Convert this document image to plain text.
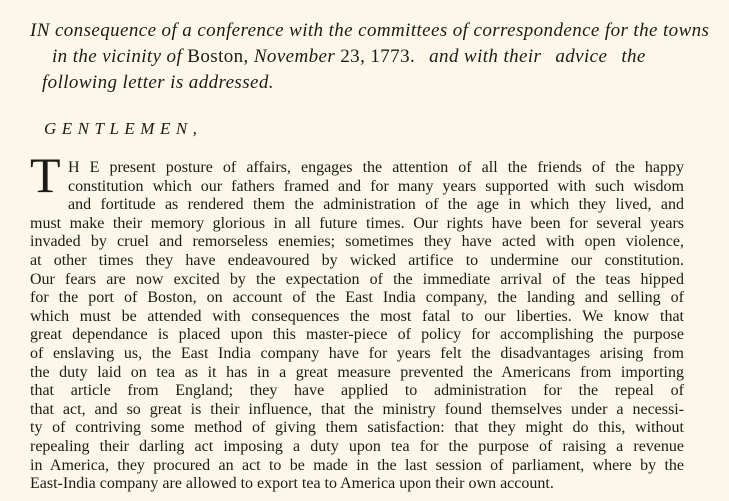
IN consequence of a conference with the committees of correspondence for the towns
in the vicinity of Boston, November 23, 1773. and with their advice the
following letter is addressed.
GENTLEMEN,
T H E present posture of affairs, engages the attention of all the friends of the happy
constitution which our fathers framed and for many years supported with such wisdom
and fortitude as rendered them the administration of the age in which they lived, and
must make their memory glorious in all future times. Our rights have been for several years
invaded by cruel and remorseless enemies; sometimes they have acted with open violence,
at other times they have endeavoured by wicked artifice to undermine our constitution.
Our fears are now excited by the expectation of the immediate arrival of the teas hipped
for the port of Boston, on account of the East India company, the landing and selling of
which must be attended with consequences the most fatal to our liberties. We know that
great dependance is placed upon this master-piece of policy for accomplishing the purpose
of enslaving us, the East India company have for years felt the disadvantages arising from
the duty laid on tea as it has in a great measure prevented the Americans from importing
that article from England; they have applied to administration for the repeal of
that act, and so great is their influence, that the ministry found themselves under a necessi-
ty of contriving some method of giving them satisfaction: that they might do this, without
repealing their darling act imposing a duty upon tea for the purpose of raising a revenue
in America, they procured an act to be made in the last session of parliament, where by the
East-India company are allowed to export tea to America upon their own account.
